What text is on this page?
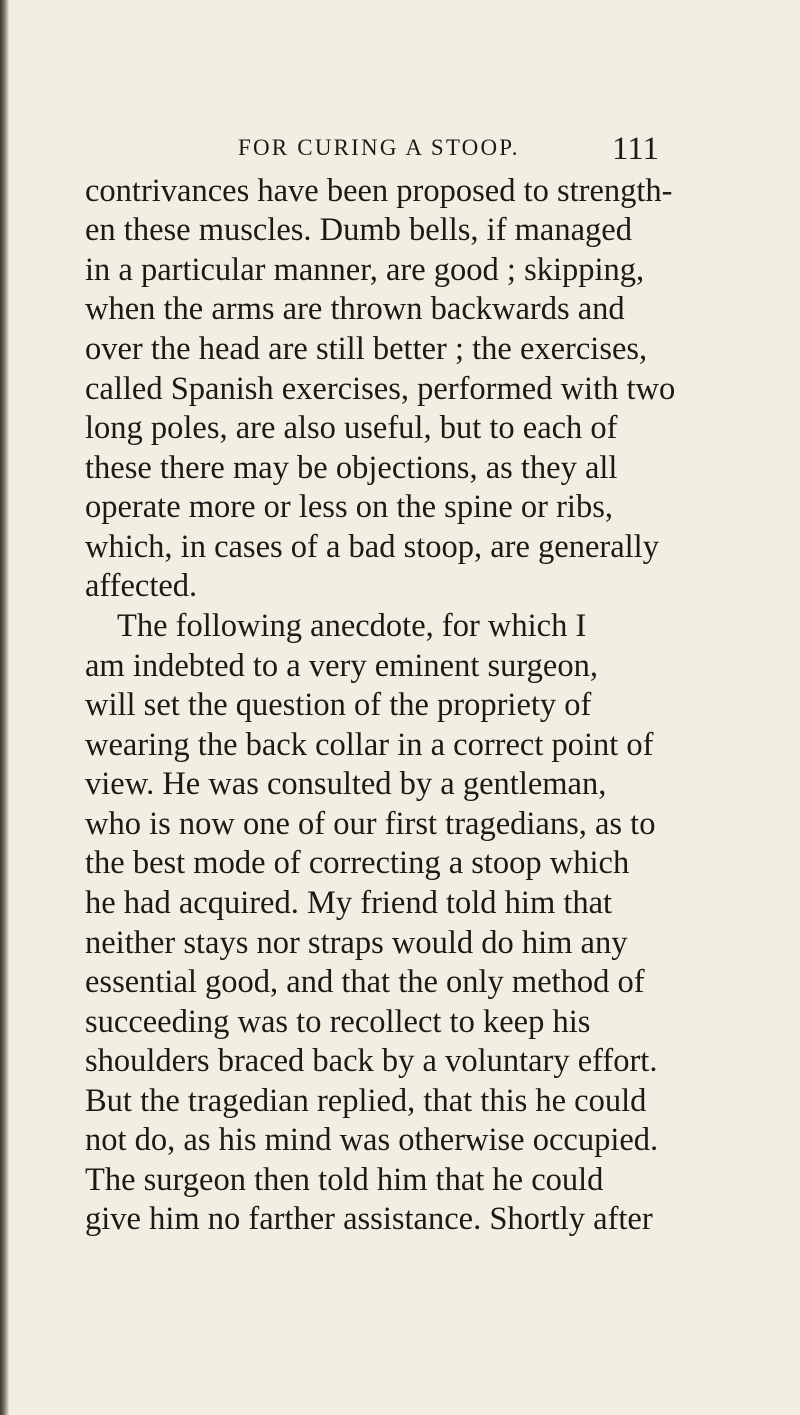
FOR CURING A STOOP.	111
contrivances have been proposed to strength-
en these muscles. Dumb bells, if managed
in a particular manner, are good ; skipping,
when the arms are thrown backwards and
over the head are still better ; the exercises,
called Spanish exercises, performed with two
long poles, are also useful, but to each of
these there may be objections, as they all
operate more or less on the spine or ribs,
which, in cases of a bad stoop, are generally
affected.
The following anecdote, for which I
am indebted to a very eminent surgeon,
will set the question of the propriety of
wearing the back collar in a correct point of
view. He was consulted by a gentleman,
who is now one of our first tragedians, as to
the best mode of correcting a stoop which
he had acquired. My friend told him that
neither stays nor straps would do him any
essential good, and that the only method of
succeeding was to recollect to keep his
shoulders braced back by a voluntary effort.
But the tragedian replied, that this he could
not do, as his mind was otherwise occupied.
The surgeon then told him that he could
give him no farther assistance. Shortly after
